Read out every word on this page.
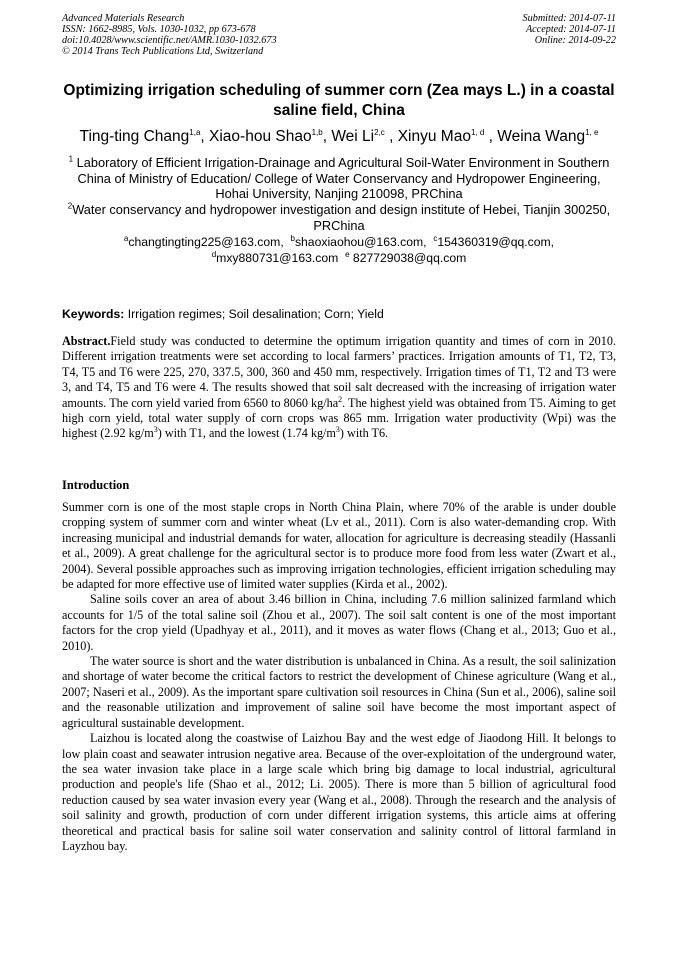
Advanced Materials Research
ISSN: 1662-8985, Vols. 1030-1032, pp 673-678
doi:10.4028/www.scientific.net/AMR.1030-1032.673
© 2014 Trans Tech Publications Ltd, Switzerland
Submitted: 2014-07-11
Accepted: 2014-07-11
Online: 2014-09-22
Optimizing irrigation scheduling of summer corn (Zea mays L.) in a coastal saline field, China
Ting-ting Chang$^{1,a}$, Xiao-hou Shao$^{1,b}$, Wei Li$^{2,c}$ , Xinyu Mao$^{1, d}$ , Weina Wang$^{1, e}$
$^1$ Laboratory of Efficient Irrigation-Drainage and Agricultural Soil-Water Environment in Southern China of Ministry of Education/ College of Water Conservancy and Hydropower Engineering, Hohai University, Nanjing 210098, PRChina
$^2$Water conservancy and hydropower investigation and design institute of Hebei, Tianjin 300250, PRChina
$^a$changtingting225@163.com, $^b$shaoxiaohou@163.com, $^c$154360319@qq.com,
$^d$mxy880731@163.com $^e$ 827729038@qq.com
Keywords: Irrigation regimes; Soil desalination; Corn; Yield
Abstract.Field study was conducted to determine the optimum irrigation quantity and times of corn in 2010. Different irrigation treatments were set according to local farmers’ practices. Irrigation amounts of T1, T2, T3, T4, T5 and T6 were 225, 270, 337.5, 300, 360 and 450 mm, respectively. Irrigation times of T1, T2 and T3 were 3, and T4, T5 and T6 were 4. The results showed that soil salt decreased with the increasing of irrigation water amounts. The corn yield varied from 6560 to 8060 $kg/ha^2$. The highest yield was obtained from T5. Aiming to get high corn yield, total water supply of corn crops was 865 mm. Irrigation water productivity (Wpi) was the highest (2.92 $kg/m^3$) with T1, and the lowest (1.74 $kg/m^3$) with T6.
Introduction

Summer corn is one of the most staple crops in North China Plain, where 70% of the arable is under double cropping system of summer corn and winter wheat (Lv et al., 2011). Corn is also water-demanding crop. With increasing municipal and industrial demands for water, allocation for agriculture is decreasing steadily (Hassanli et al., 2009). A great challenge for the agricultural sector is to produce more food from less water (Zwart et al., 2004). Several possible approaches such as improving irrigation technologies, efficient irrigation scheduling may be adapted for more effective use of limited water supplies (Kirda et al., 2002).

Saline soils cover an area of about 3.46 billion in China, including 7.6 million salinized farmland which accounts for 1/5 of the total saline soil (Zhou et al., 2007). The soil salt content is one of the most important factors for the crop yield (Upadhyay et al., 2011), and it moves as water flows (Chang et al., 2013; Guo et al., 2010).

The water source is short and the water distribution is unbalanced in China. As a result, the soil salinization and shortage of water become the critical factors to restrict the development of Chinese agriculture (Wang et al., 2007; Naseri et al., 2009). As the important spare cultivation soil resources in China (Sun et al., 2006), saline soil and the reasonable utilization and improvement of saline soil have become the most important aspect of agricultural sustainable development.

Laizhou is located along the coastwise of Laizhou Bay and the west edge of Jiaodong Hill. It belongs to low plain coast and seawater intrusion negative area. Because of the over-exploitation of the underground water, the sea water invasion take place in a large scale which bring big damage to local industrial, agricultural production and people's life (Shao et al., 2012; Li. 2005). There is more than 5 billion of agricultural food reduction caused by sea water invasion every year (Wang et al., 2008). Through the research and the analysis of soil salinity and growth, production of corn under different irrigation systems, this article aims at offering theoretical and practical basis for saline soil water conservation and salinity control of littoral farmland in Layzhou bay.
